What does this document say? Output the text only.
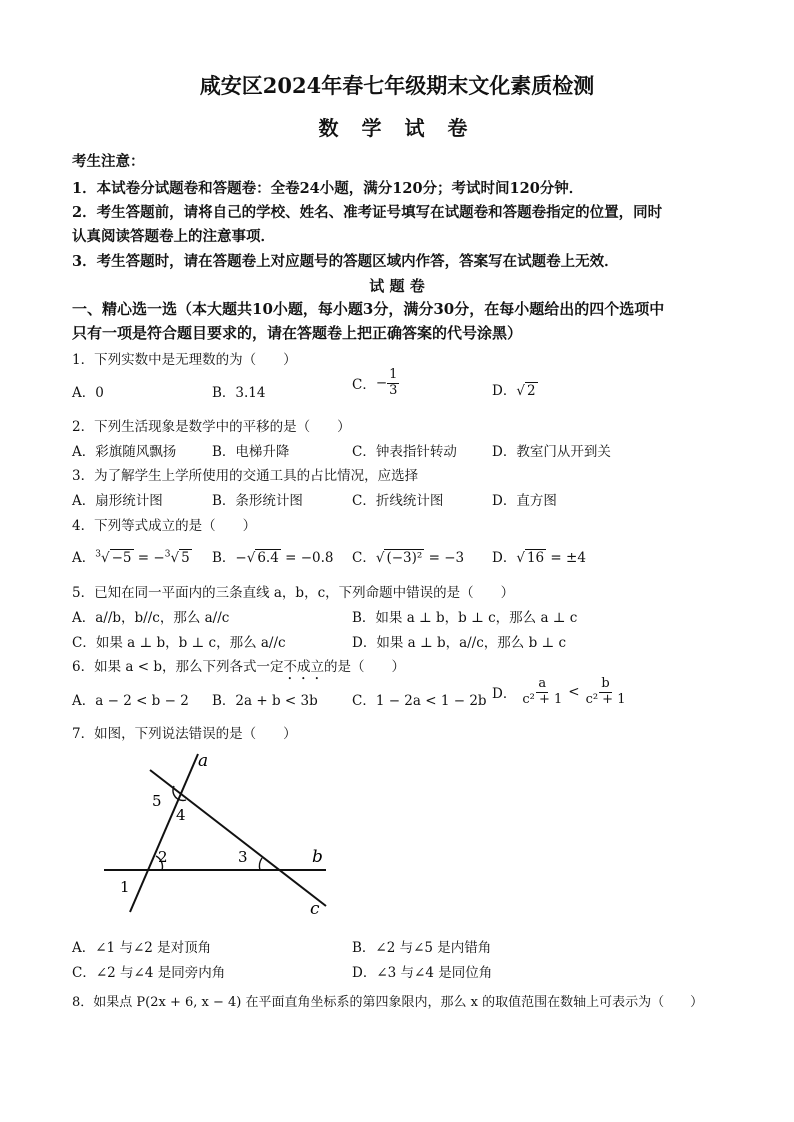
咸安区2024年春七年级期末文化素质检测
数 学 试 卷
考生注意：
1．本试卷分试题卷和答题卷：全卷24小题，满分120分；考试时间120分钟．
2．考生答题前，请将自己的学校、姓名、准考证号填写在试题卷和答题卷指定的位置，同时
认真阅读答题卷上的注意事项．
3．考生答题时，请在答题卷上对应题号的答题区域内作答，答案写在试题卷上无效．
试 题 卷
一、精心选一选（本大题共10小题，每小题3分，满分30分，在每小题给出的四个选项中
只有一项是符合题目要求的，请在答题卷上把正确答案的代号涂黑）
1．下列实数中是无理数的为（　　）
A．0	B．3.14	C． − $\frac{1}{3}$	D．√ 2
2．下列生活现象是数学中的平移的是（　　）
A．彩旗随风飘扬	B．电梯升降	C．钟表指针转动	D．教室门从开到关
3．为了解学生上学所使用的交通工具的占比情况，应选择
A．扇形统计图	B．条形统计图	C．折线统计图	D．直方图
4．下列等式成立的是（　　）
A．$^3$√ −5 = −$^3$√ 5 B．−√ 6.4 = −0.8 C．√ (−3)² = −3 D．√ 16 = ±4
5．已知在同一平面内的三条直线 a，b，c，下列命题中错误的是（　　）
A．a//b，b//c，那么 a//c	B．如果 a ⊥ b，b ⊥ c，那么 a ⊥ c
C．如果 a ⊥ b，b ⊥ c，那么 a//c	D．如果 a ⊥ b，a//c，那么 b ⊥ c
6．如果 a < b，那么下列各式一定不成立的是（　　）
A．a − 2 < b − 2 B．2a + b < 3b	C．1 − 2a < 1 − 2b D． $\frac{a}{\text{c² + 1}} < \frac{b}{\text{c² + 1}}$
7．如图，下列说法错误的是（　　）
a
b
c
1
2	3
4
5
A．∠1 与∠2 是对顶角	B．∠2 与∠5 是内错角
C．∠2 与∠4 是同旁内角	D．∠3 与∠4 是同位角
8．如果点 P(2x + 6, x − 4) 在平面直角坐标系的第四象限内，那么 x 的取值范围在数轴上可表示为（　　）
